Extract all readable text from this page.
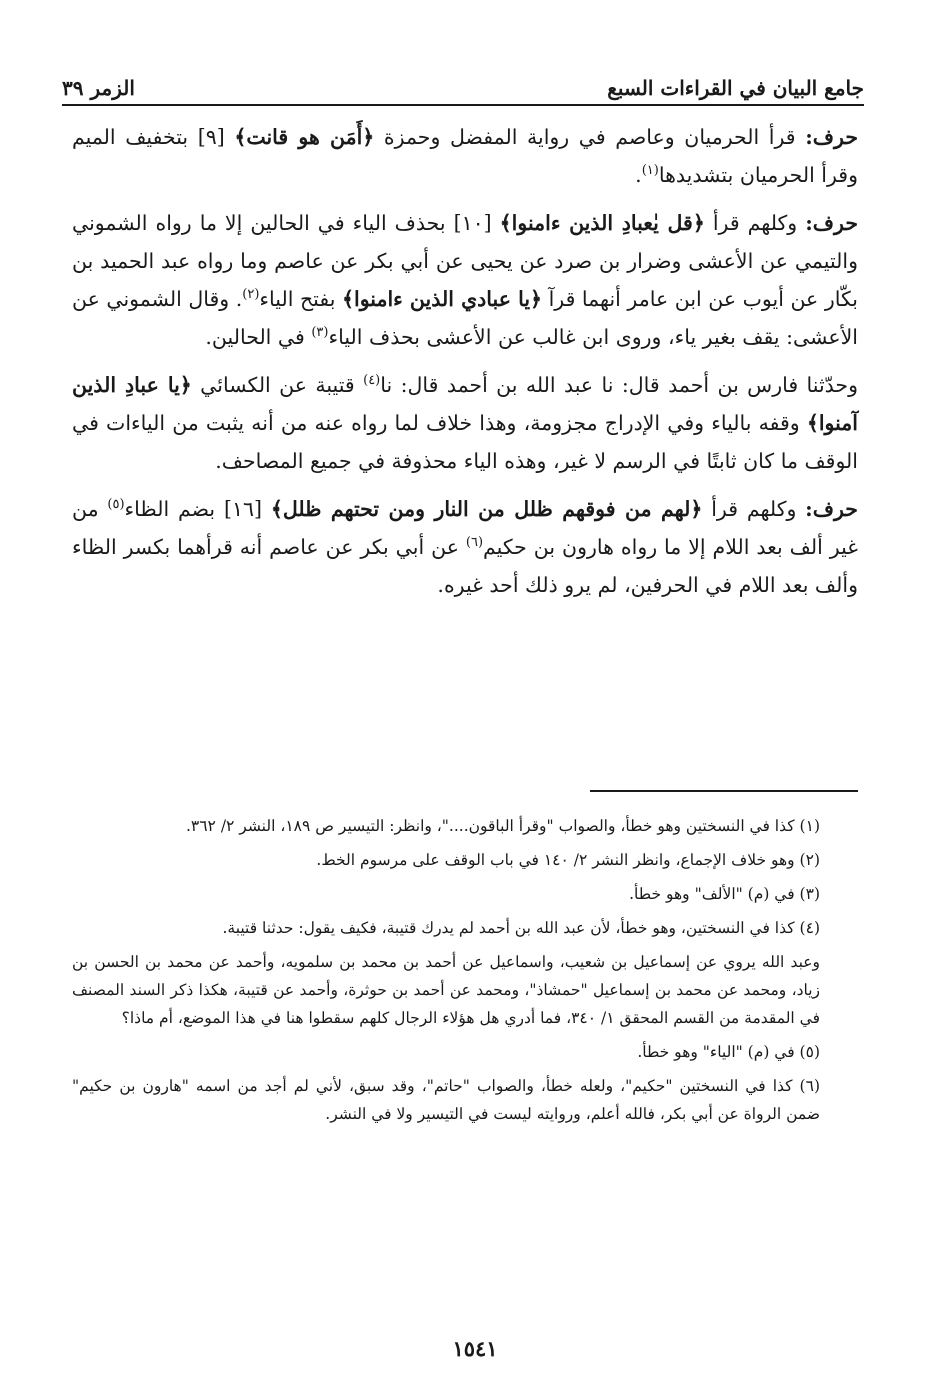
جامع البيان في القراءات السبع
الزمر ٣٩

حرف: قرأ الحرميان وعاصم في رواية المفضل وحمزة ﴿أَمَن هو قانت﴾ [٩] بتخفيف الميم وقرأ الحرميان بتشديدها$^{(١)}$.

حرف: وكلهم قرأ ﴿قل يٰعبادِ الذين ءامنوا﴾ [١٠] بحذف الياء في الحالين إلا ما رواه الشموني والتيمي عن الأعشى وضرار بن صرد عن يحيى عن أبي بكر عن عاصم وما رواه عبد الحميد بن بكّار عن أيوب عن ابن عامر أنهما قرآ ﴿يا عبادي الذين ءامنوا﴾ بفتح الياء$^{(٢)}$. وقال الشموني عن الأعشى: يقف بغير ياء، وروى ابن غالب عن الأعشى بحذف الياء$^{(٣)}$ في الحالين.

وحدّثنا فارس بن أحمد قال: نا عبد الله بن أحمد قال: نا$^{(٤)}$ قتيبة عن الكسائي ﴿يا عبادِ الذين آمنوا﴾ وقفه بالياء وفي الإدراج مجزومة، وهذا خلاف لما رواه عنه من أنه يثبت من الياءات في الوقف ما كان ثابتًا في الرسم لا غير، وهذه الياء محذوفة في جميع المصاحف.

حرف: وكلهم قرأ ﴿لهم من فوقهم ظلل من النار ومن تحتهم ظلل﴾ [١٦] بضم الظاء$^{(٥)}$ من غير ألف بعد اللام إلا ما رواه هارون بن حكيم$^{(٦)}$ عن أبي بكر عن عاصم أنه قرأهما بكسر الظاء وألف بعد اللام في الحرفين، لم يرو ذلك أحد غيره.

(١) كذا في النسختين وهو خطأ، والصواب "وقرأ الباقون...."، وانظر: التيسير ص ١٨٩، النشر ٢/ ٣٦٢.
(٢) وهو خلاف الإجماع، وانظر النشر ٢/ ١٤٠ في باب الوقف على مرسوم الخط.
(٣) في (م) "الألف" وهو خطأ.
(٤) كذا في النسختين، وهو خطأ، لأن عبد الله بن أحمد لم يدرك قتيبة، فكيف يقول: حدثنا قتيبة.
وعبد الله يروي عن إسماعيل بن شعيب، واسماعيل عن أحمد بن محمد بن سلمويه، وأحمد عن محمد بن الحسن بن زياد، ومحمد عن محمد بن إسماعيل "حمشاذ"، ومحمد عن أحمد بن حوثرة، وأحمد عن قتيبة، هكذا ذكر السند المصنف في المقدمة من القسم المحقق ١/ ٣٤٠، فما أدري هل هؤلاء الرجال كلهم سقطوا هنا في هذا الموضع، أم ماذا؟
(٥) في (م) "الياء" وهو خطأ.
(٦) كذا في النسختين "حكيم"، ولعله خطأ، والصواب "حاتم"، وقد سبق، لأني لم أجد من اسمه "هارون بن حكيم" ضمن الرواة عن أبي بكر، فالله أعلم، وروايته ليست في التيسير ولا في النشر.
١٥٤١
